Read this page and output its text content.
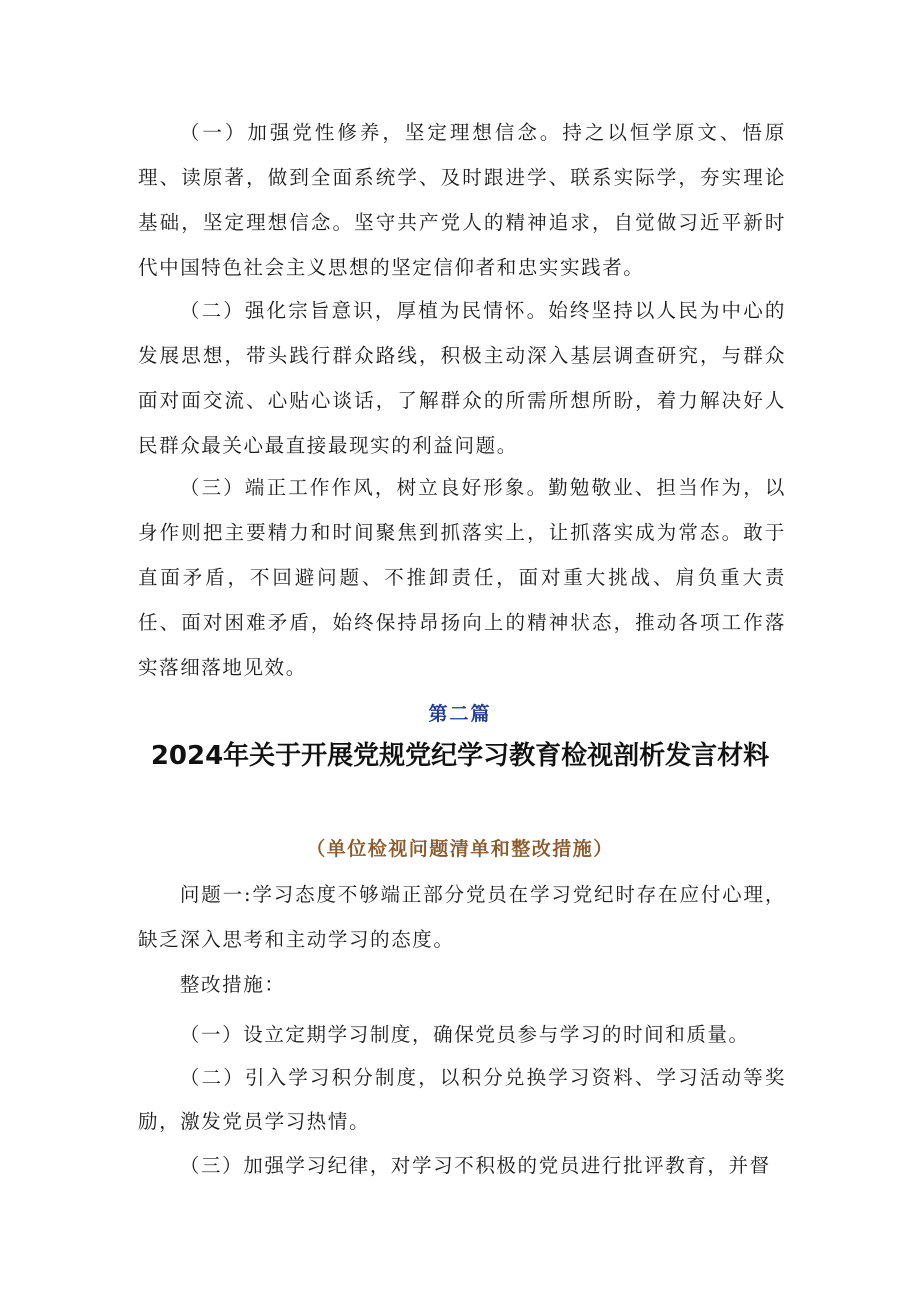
（一）加强党性修养，坚定理想信念。持之以恒学原文、悟原理、读原著，做到全面系统学、及时跟进学、联系实际学，夯实理论基础，坚定理想信念。坚守共产党人的精神追求，自觉做习近平新时代中国特色社会主义思想的坚定信仰者和忠实实践者。

（二）强化宗旨意识，厚植为民情怀。始终坚持以人民为中心的发展思想，带头践行群众路线，积极主动深入基层调查研究，与群众面对面交流、心贴心谈话，了解群众的所需所想所盼，着力解决好人民群众最关心最直接最现实的利益问题。

（三）端正工作作风，树立良好形象。勤勉敬业、担当作为，以身作则把主要精力和时间聚焦到抓落实上，让抓落实成为常态。敢于直面矛盾，不回避问题、不推卸责任，面对重大挑战、肩负重大责任、面对困难矛盾，始终保持昂扬向上的精神状态，推动各项工作落实落细落地见效。

第二篇

2024年关于开展党规党纪学习教育检视剖析发言材料

（单位检视问题清单和整改措施）

问题一:学习态度不够端正部分党员在学习党纪时存在应付心理，缺乏深入思考和主动学习的态度。

整改措施：

（一）设立定期学习制度，确保党员参与学习的时间和质量。

（二）引入学习积分制度，以积分兑换学习资料、学习活动等奖励，激发党员学习热情。

（三）加强学习纪律，对学习不积极的党员进行批评教育，并督
